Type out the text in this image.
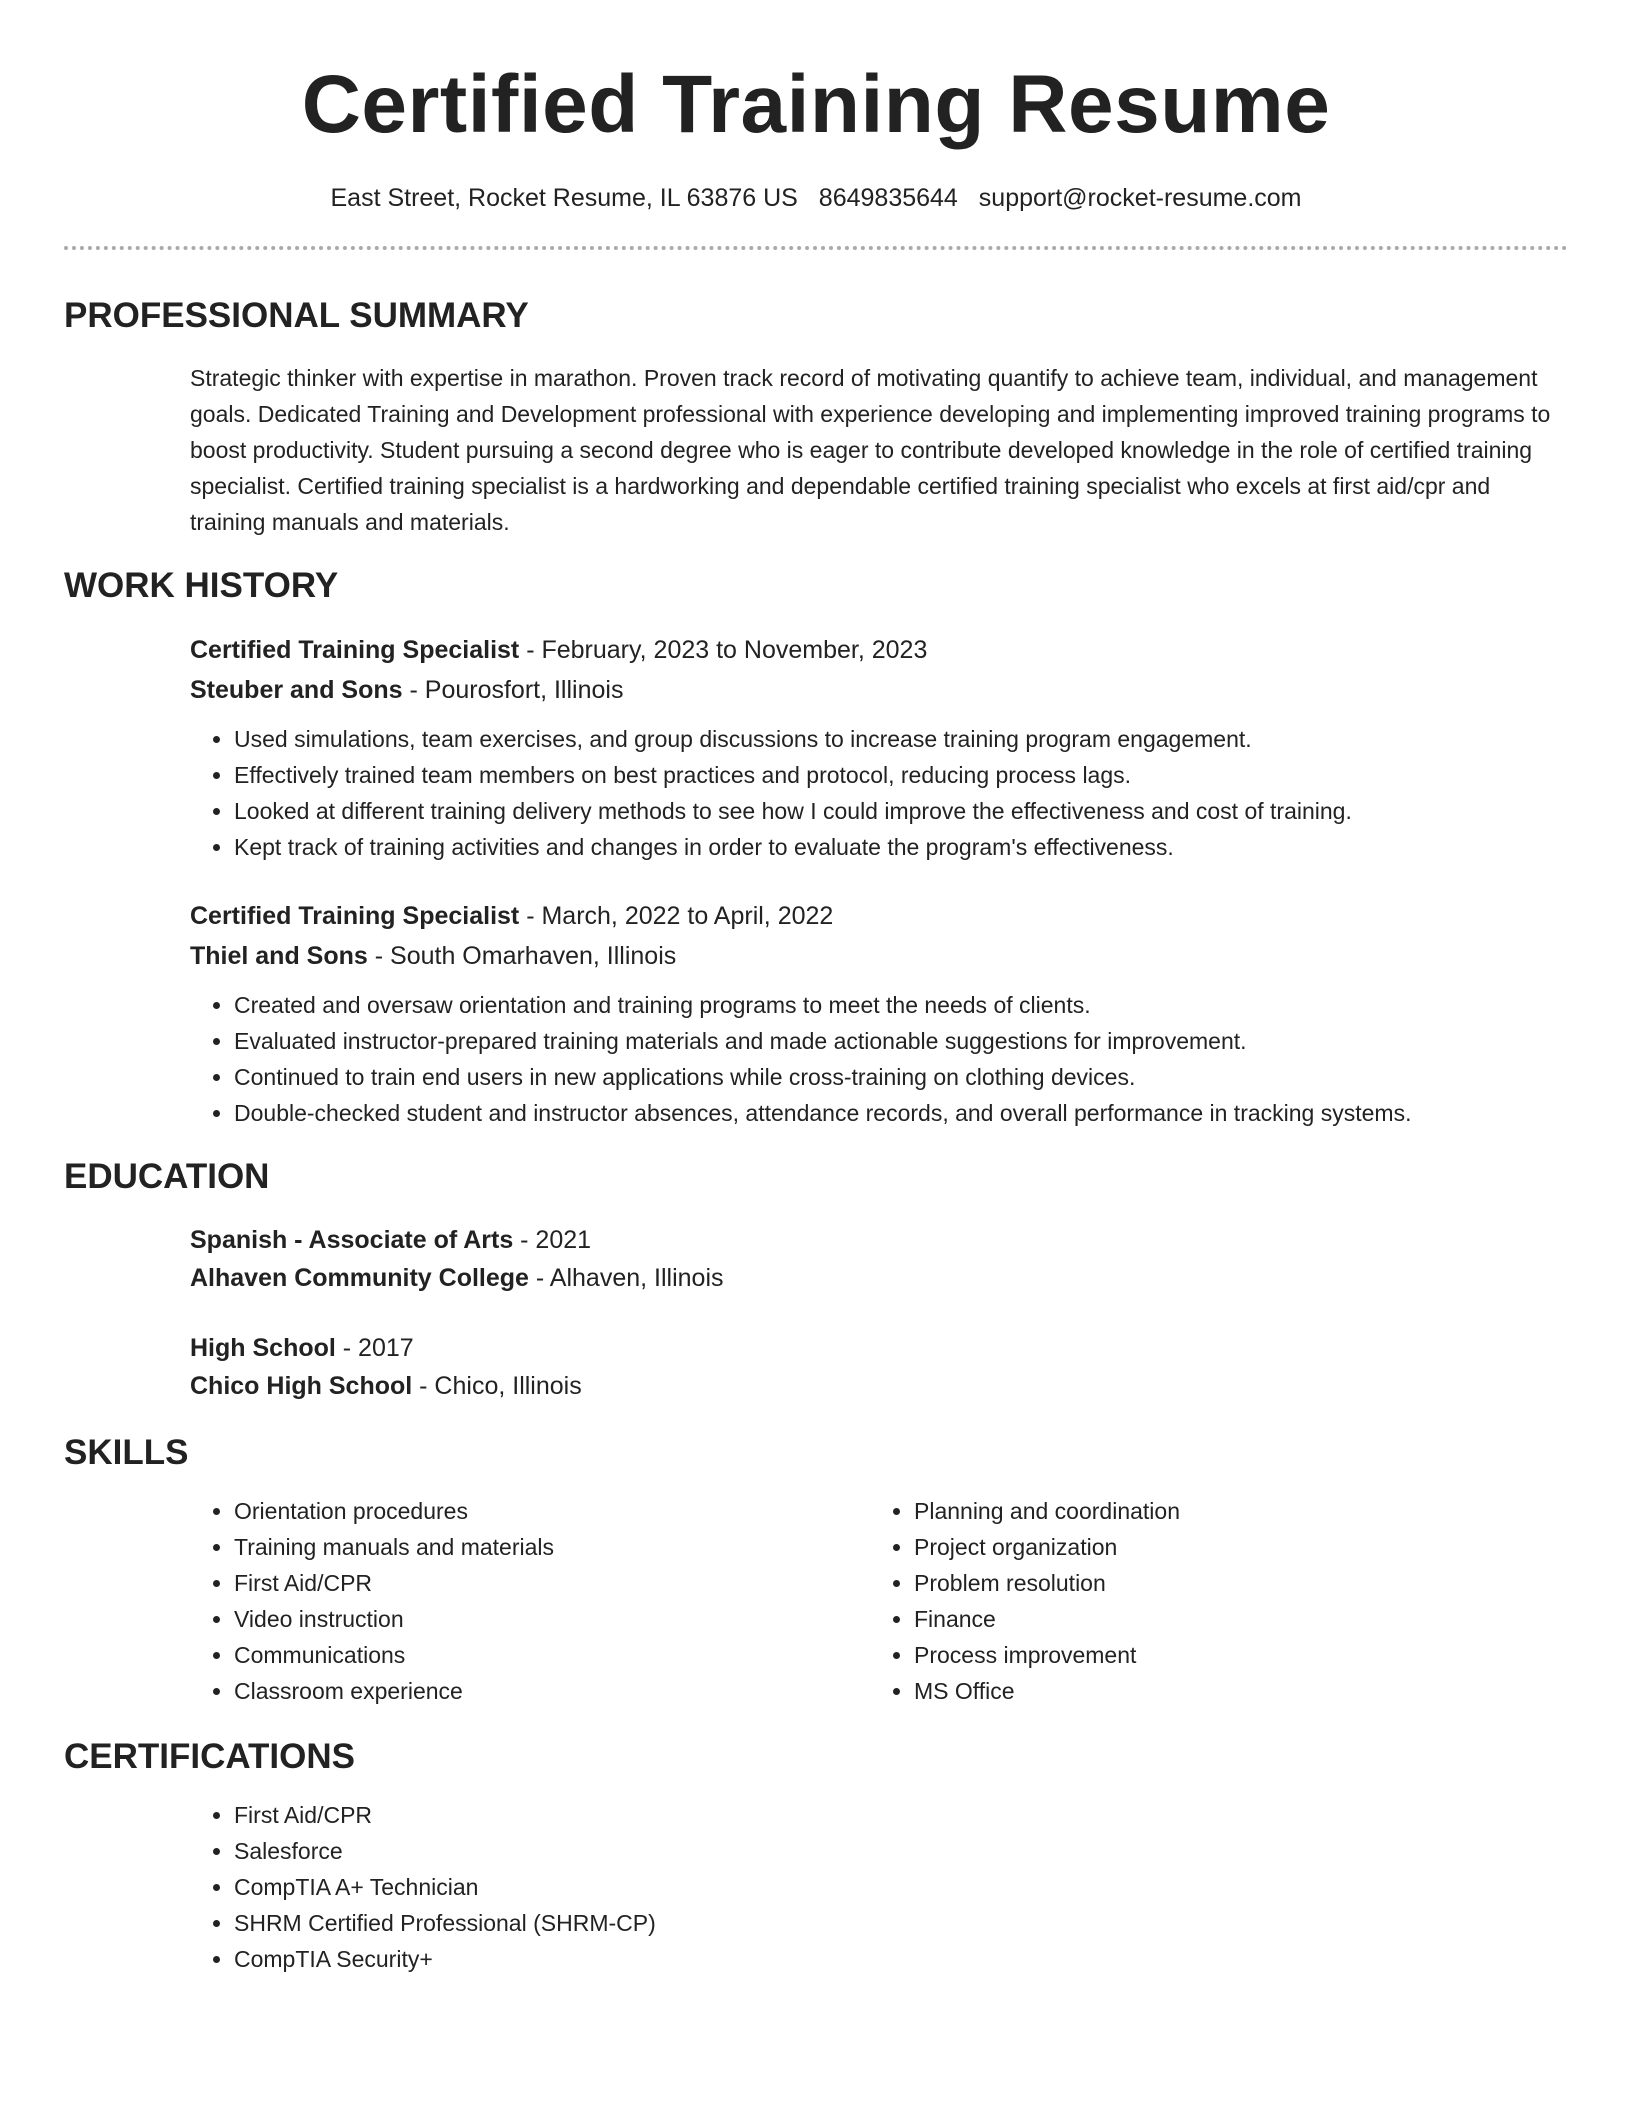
Certified Training Resume
East Street, Rocket Resume, IL 63876 US 8649835644 support@rocket-resume.com
PROFESSIONAL SUMMARY

Strategic thinker with expertise in marathon. Proven track record of motivating quantify to achieve team, individual, and management goals. Dedicated Training and Development professional with experience developing and implementing improved training programs to boost productivity. Student pursuing a second degree who is eager to contribute developed knowledge in the role of certified training specialist. Certified training specialist is a hardworking and dependable certified training specialist who excels at first aid/cpr and training manuals and materials.

WORK HISTORY
Certified Training Specialist - February, 2023 to November, 2023
Steuber and Sons - Pourosfort, Illinois
• Used simulations, team exercises, and group discussions to increase training program engagement.
• Effectively trained team members on best practices and protocol, reducing process lags.
• Looked at different training delivery methods to see how I could improve the effectiveness and cost of training.
• Kept track of training activities and changes in order to evaluate the program's effectiveness.
Certified Training Specialist - March, 2022 to April, 2022
Thiel and Sons - South Omarhaven, Illinois
• Created and oversaw orientation and training programs to meet the needs of clients.
• Evaluated instructor-prepared training materials and made actionable suggestions for improvement.
• Continued to train end users in new applications while cross-training on clothing devices.
• Double-checked student and instructor absences, attendance records, and overall performance in tracking systems.
EDUCATION
Spanish - Associate of Arts - 2021
Alhaven Community College - Alhaven, Illinois
High School - 2017
Chico High School - Chico, Illinois
SKILLS
• Orientation procedures
• Training manuals and materials
• First Aid/CPR
• Video instruction
• Communications
• Classroom experience
• Planning and coordination
• Project organization
• Problem resolution
• Finance
• Process improvement
• MS Office
CERTIFICATIONS
• First Aid/CPR
• Salesforce
• CompTIA A+ Technician
• SHRM Certified Professional (SHRM-CP)
• CompTIA Security+
